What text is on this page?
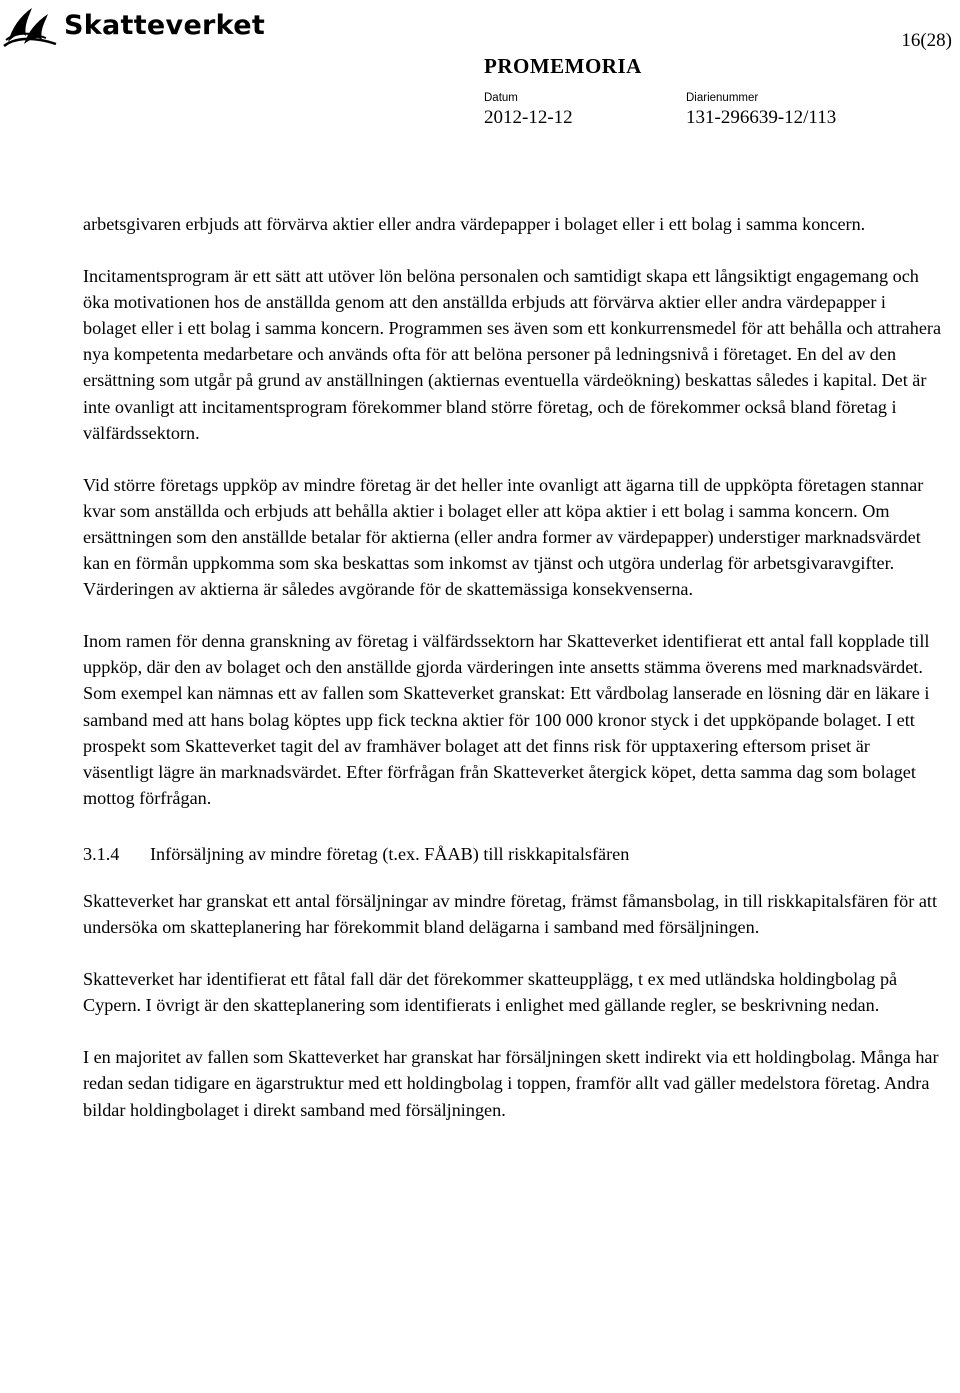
Skatteverket	16(28)
PROMEMORIA
Datum	Diarienummer
2012-12-12	131-296639-12/113

arbetsgivaren erbjuds att förvärva aktier eller andra värdepapper i bolaget eller i ett bolag i samma koncern.

Incitamentsprogram är ett sätt att utöver lön belöna personalen och samtidigt skapa ett långsiktigt engagemang och öka motivationen hos de anställda genom att den anställda erbjuds att förvärva aktier eller andra värdepapper i bolaget eller i ett bolag i samma koncern. Programmen ses även som ett konkurrensmedel för att behålla och attrahera nya kompetenta medarbetare och används ofta för att belöna personer på ledningsnivå i företaget. En del av den ersättning som utgår på grund av anställningen (aktiernas eventuella värdeökning) beskattas således i kapital. Det är inte ovanligt att incitamentsprogram förekommer bland större företag, och de förekommer också bland företag i välfärdssektorn.

Vid större företags uppköp av mindre företag är det heller inte ovanligt att ägarna till de uppköpta företagen stannar kvar som anställda och erbjuds att behålla aktier i bolaget eller att köpa aktier i ett bolag i samma koncern. Om ersättningen som den anställde betalar för aktierna (eller andra former av värdepapper) understiger marknadsvärdet kan en förmån uppkomma som ska beskattas som inkomst av tjänst och utgöra underlag för arbetsgivaravgifter. Värderingen av aktierna är således avgörande för de skattemässiga konsekvenserna.

Inom ramen för denna granskning av företag i välfärdssektorn har Skatteverket identifierat ett antal fall kopplade till uppköp, där den av bolaget och den anställde gjorda värderingen inte ansetts stämma överens med marknadsvärdet. Som exempel kan nämnas ett av fallen som Skatteverket granskat: Ett vårdbolag lanserade en lösning där en läkare i samband med att hans bolag köptes upp fick teckna aktier för 100 000 kronor styck i det uppköpande bolaget. I ett prospekt som Skatteverket tagit del av framhäver bolaget att det finns risk för upptaxering eftersom priset är väsentligt lägre än marknadsvärdet. Efter förfrågan från Skatteverket återgick köpet, detta samma dag som bolaget mottog förfrågan.

3.1.4	Införsäljning av mindre företag (t.ex. FÅAB) till riskkapitalsfären

Skatteverket har granskat ett antal försäljningar av mindre företag, främst fåmansbolag, in till riskkapitalsfären för att undersöka om skatteplanering har förekommit bland delägarna i samband med försäljningen.

Skatteverket har identifierat ett fåtal fall där det förekommer skatteupplägg, t ex med utländska holdingbolag på Cypern. I övrigt är den skatteplanering som identifierats i enlighet med gällande regler, se beskrivning nedan.

I en majoritet av fallen som Skatteverket har granskat har försäljningen skett indirekt via ett holdingbolag. Många har redan sedan tidigare en ägarstruktur med ett holdingbolag i toppen, framför allt vad gäller medelstora företag. Andra bildar holdingbolaget i direkt samband med försäljningen.
